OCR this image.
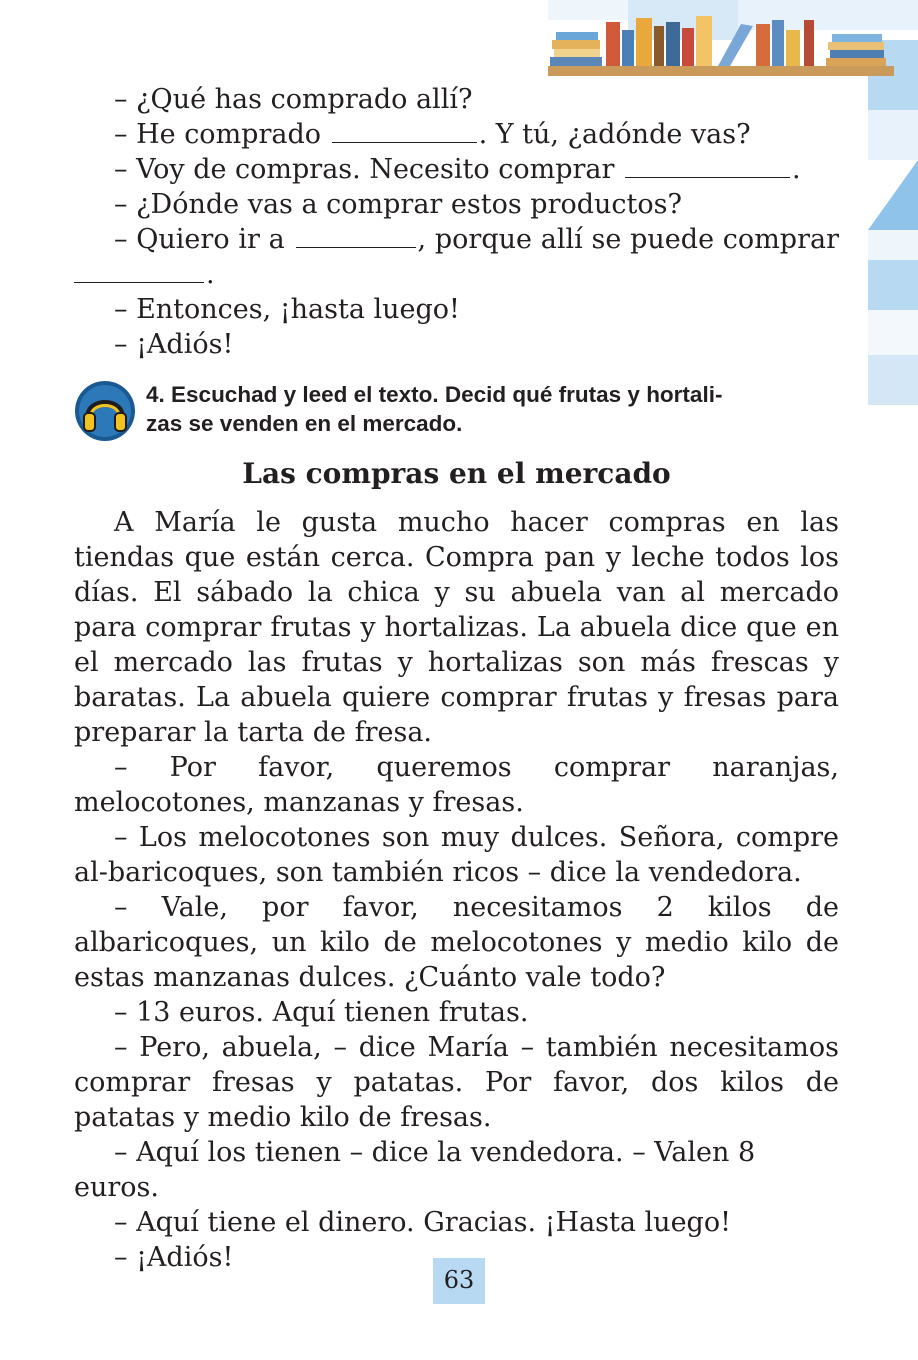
– ¿Qué has comprado allí?

– He comprado	. Y tú, ¿adónde vas?

– Voy de compras. Necesito comprar	.

– ¿Dónde vas a comprar estos productos?

– Quiero ir a	, porque allí se puede comprar

.

– Entonces, ¡hasta luego!

– ¡Adiós!

4. Escuchad y leed el texto. Decid qué frutas y hortali-
zas se venden en el mercado.
Las compras en el mercado

A María le gusta mucho hacer compras en las tiendas que están cerca. Compra pan y leche todos los días. El sábado la chica y su abuela van al mercado para comprar frutas y hortalizas. La abuela dice que en el mercado las frutas y hortalizas son más frescas y baratas. La abuela quiere comprar frutas y fresas para preparar la tarta de fresa.

– Por favor, queremos comprar naranjas, melocotones, manzanas y fresas.

– Los melocotones son muy dulces. Señora, compre al-baricoques, son también ricos – dice la vendedora.

– Vale, por favor, necesitamos 2 kilos de albaricoques, un kilo de melocotones y medio kilo de estas manzanas dulces. ¿Cuánto vale todo?

– 13 euros. Aquí tienen frutas.

– Pero, abuela, – dice María – también necesitamos comprar fresas y patatas. Por favor, dos kilos de patatas y medio kilo de fresas.

– Aquí los tienen – dice la vendedora. – Valen 8 euros.

– Aquí tiene el dinero. Gracias. ¡Hasta luego!

– ¡Adiós!

63
